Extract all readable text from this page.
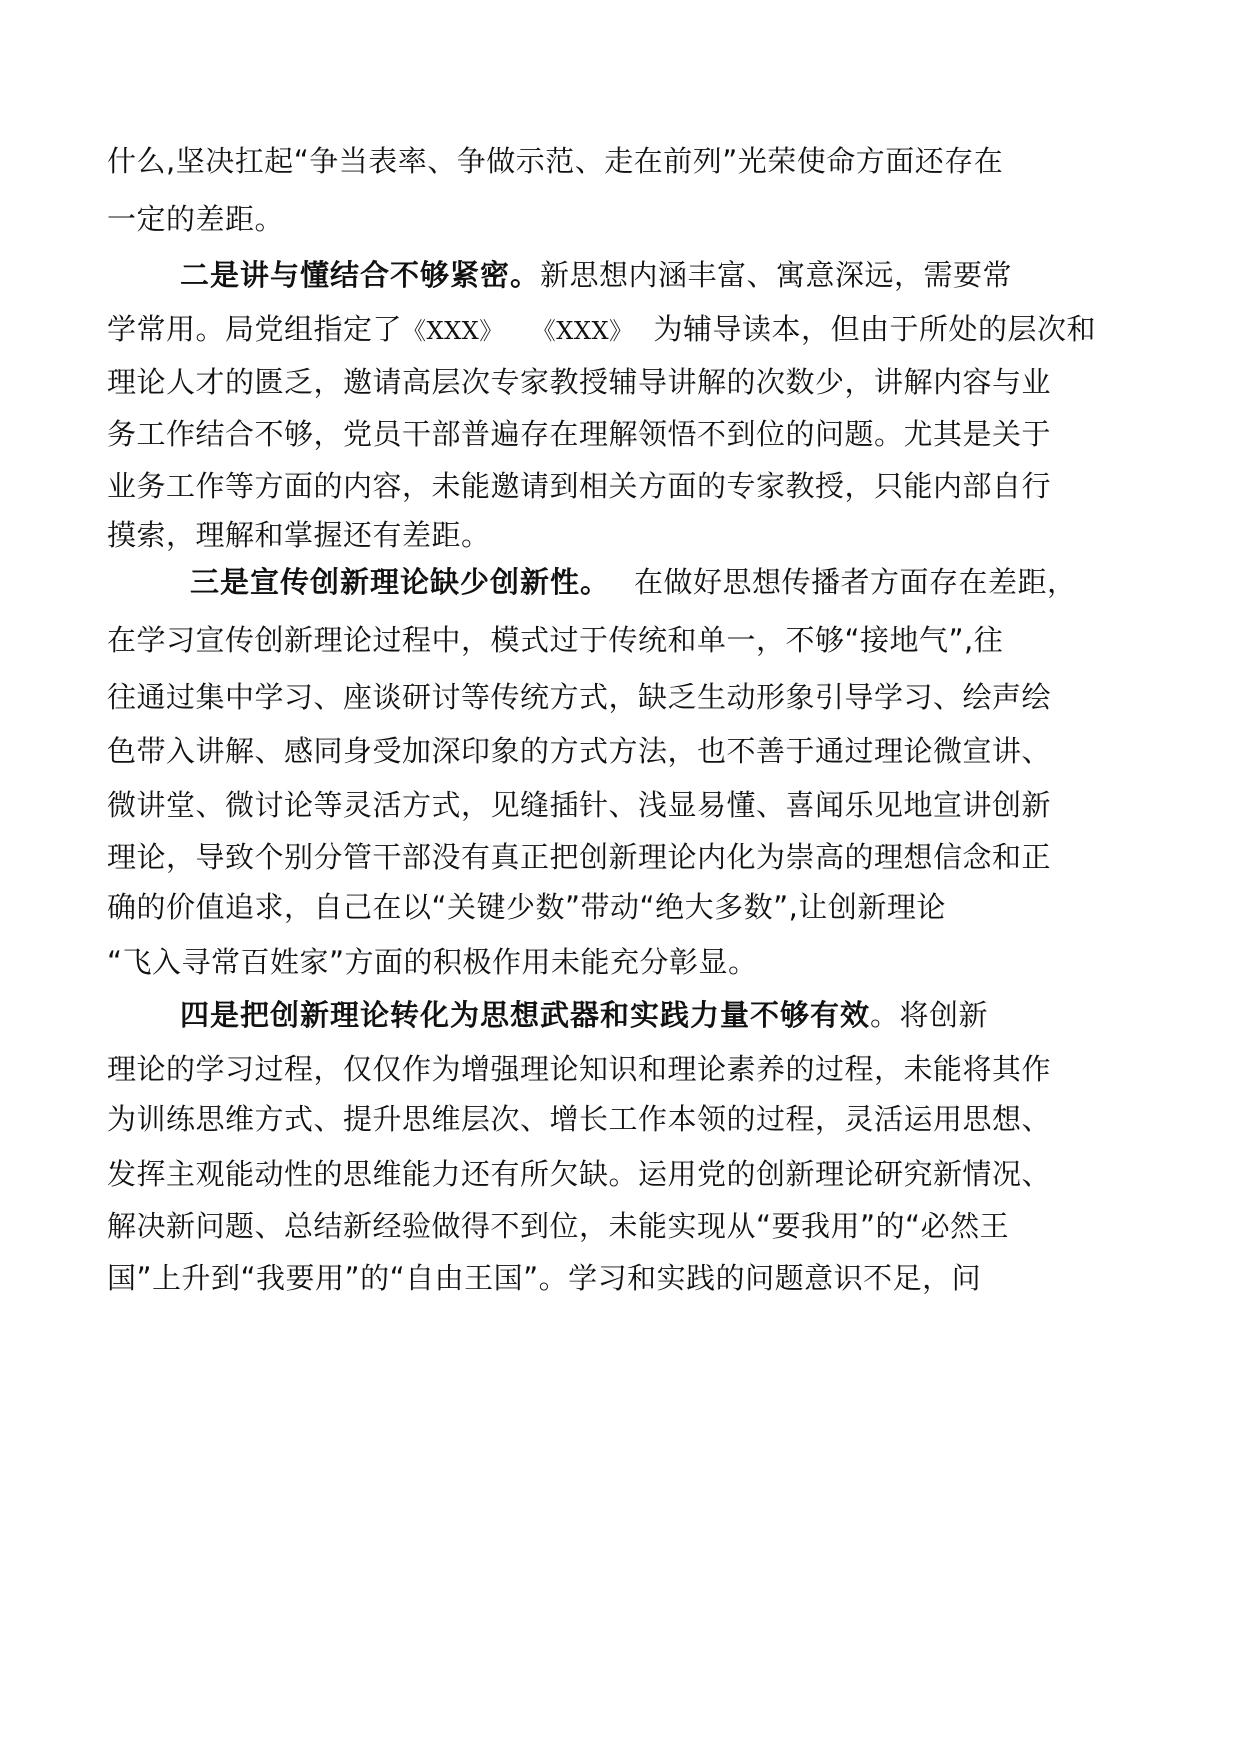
什么,坚决扛起“争当表率、争做示范、走在前列”光荣使命方面还存在
一定的差距。
二是讲与懂结合不够紧密。新思想内涵丰富、寓意深远，需要常
学常用。局党组指定了《XXX》 《XXX》 为辅导读本，但由于所处的层次和
理论人才的匮乏，邀请高层次专家教授辅导讲解的次数少，讲解内容与业
务工作结合不够，党员干部普遍存在理解领悟不到位的问题。尤其是关于
业务工作等方面的内容，未能邀请到相关方面的专家教授，只能内部自行
摸索，理解和掌握还有差距。
三是宣传创新理论缺少创新性。 在做好思想传播者方面存在差距，
在学习宣传创新理论过程中，模式过于传统和单一，不够“接地气”,往
往通过集中学习、座谈研讨等传统方式，缺乏生动形象引导学习、绘声绘
色带入讲解、感同身受加深印象的方式方法，也不善于通过理论微宣讲、
微讲堂、微讨论等灵活方式，见缝插针、浅显易懂、喜闻乐见地宣讲创新
理论，导致个别分管干部没有真正把创新理论内化为崇高的理想信念和正
确的价值追求，自己在以“关键少数”带动“绝大多数”,让创新理论
“飞入寻常百姓家”方面的积极作用未能充分彰显。
四是把创新理论转化为思想武器和实践力量不够有效。将创新
理论的学习过程，仅仅作为增强理论知识和理论素养的过程，未能将其作
为训练思维方式、提升思维层次、增长工作本领的过程，灵活运用思想、
发挥主观能动性的思维能力还有所欠缺。运用党的创新理论研究新情况、
解决新问题、总结新经验做得不到位，未能实现从“要我用”的“必然王
国”上升到“我要用”的“自由王国”。学习和实践的问题意识不足，问
